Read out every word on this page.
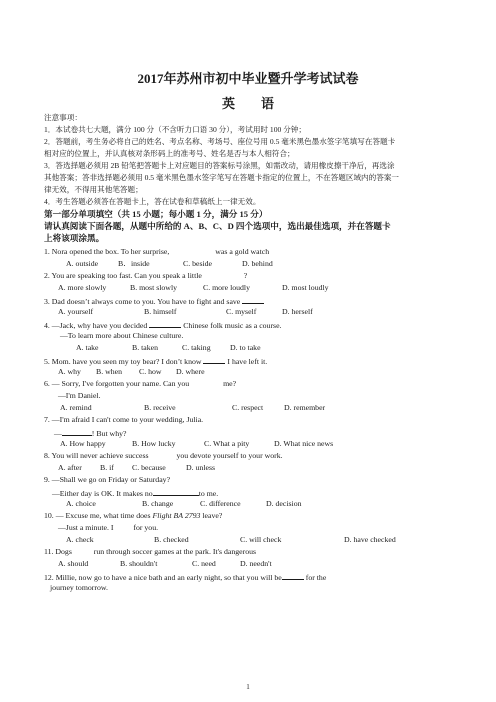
2017年苏州市初中毕业暨升学考试试卷
英　　语
注意事项：
1．本试卷共七大题，满分 100 分（不含听力口语 30 分），考试用时 100 分钟；
2．答题前，考生务必将自己的姓名、考点名称、考场号、座位号用 0.5 毫米黑色墨水签字笔填写在答题卡
相对应的位置上，并认真核对条形码上的准考号、姓名是否与本人相符合；
3．答选择题必须用 2B 铅笔把答题卡上对应题目的答案标号涂黑，如需改动，请用橡皮擦干净后，再选涂
其他答案；答非选择题必须用 0.5 毫米黑色墨水签字笔写在答题卡指定的位置上，不在答题区域内的答案一
律无效，不得用其他笔答题；
4．考生答题必须答在答题卡上，答在试卷和草稿纸上一律无效。
第一部分单项填空（共 15 小题；每小题 1 分，满分 15 分）
请认真阅读下面各题，从题中所给的 A、B、C、D 四个选项中，选出最佳选项，并在答题卡
上将该项涂黑。
1. Nora opened the box. To her surprise,	was a gold watch
A. outside	B．inside	C. beside	D. behind
2. You are speaking too fast. Can you speak a little	?
A. more slowly	B. most slowly	C. more loudly	D. most loudly
3. Dad doesn’t always come to you. You have to fight and save
A. yourself	B. himself	C. myself	D. herself
4. —Jack, why have you decided	Chinese folk music as a course.
—To learn more about Chinese culture.
A. take	B. taken	C. taking D. to take
5. Mom. have you seen my toy bear? I don’t know	I have left it.
A. why B. when C. how D. where
6. — Sorry, I've forgotten your name. Can you	me?
—I'm Daniel.
A. remind	B. receive	C. respect	D. remember
7. —I'm afraid I can't come to your wedding, Julia.
—	! But why?
A. How happy	B. How lucky	C. What a pity	D. What nice news
8. You will never achieve success	you devote yourself to your work.
A. after B. if C. because	D. unless
9. —Shall we go on Friday or Saturday?
—Either day is OK. It makes no	to me.
A. choice	B. change	C. difference	D. decision
10. — Excuse me, what time does Flight BA 2793 leave?
—Just a minute. I	for you.
A. check	B. checked	C. will check	D. have checked
11. Dogs	run through soccer games at the park. It's dangerous
A. should	B. shouldn't	C. need	D. needn't
12. Millie, now go to have a nice bath and an early night, so that you will be	for the
journey tomorrow.
1
